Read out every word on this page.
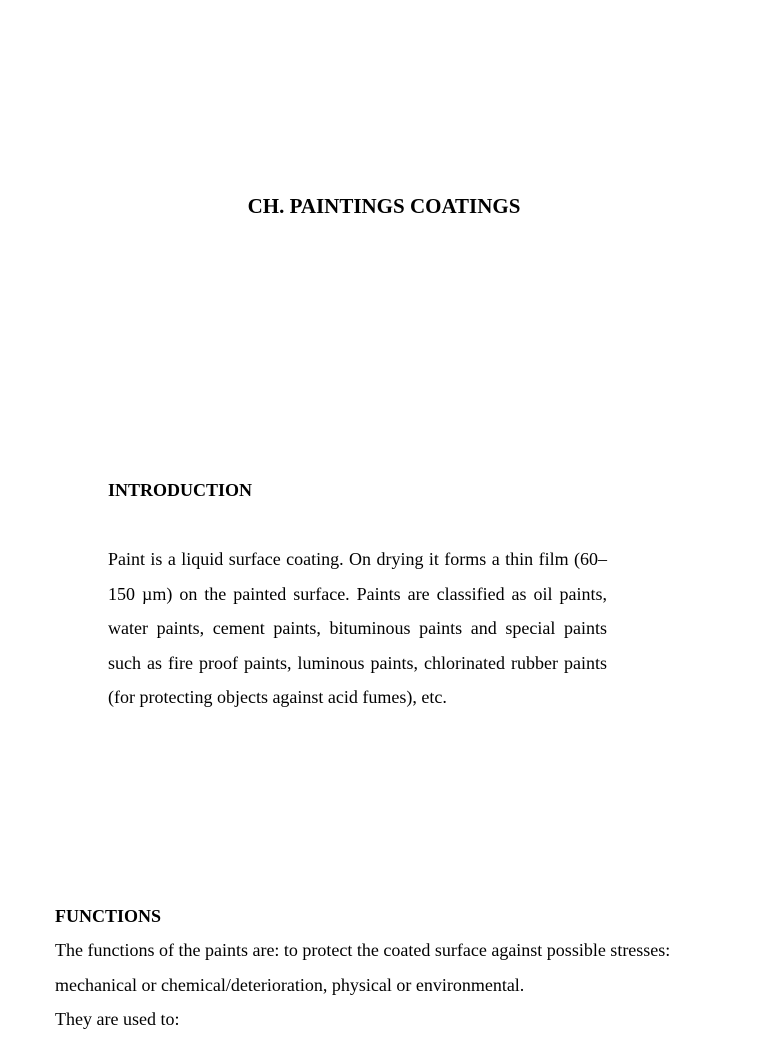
CH. PAINTINGS COATINGS
INTRODUCTION

Paint is a liquid surface coating. On drying it forms a thin film (60–150 µm) on the painted surface. Paints are classified as oil paints, water paints, cement paints, bituminous paints and special paints such as fire proof paints, luminous paints, chlorinated rubber paints (for protecting objects against acid fumes), etc.

FUNCTIONS
The functions of the paints are: to protect the coated surface against possible stresses:
mechanical or chemical/deterioration, physical or environmental.
They are used to:
